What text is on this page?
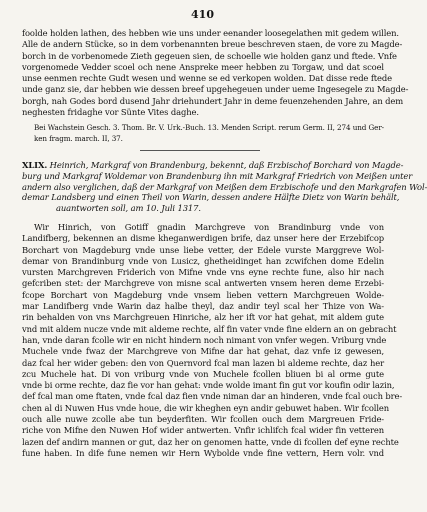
410
foolde holden lathen, des hebben wie uns under eenander loosegelathen mit gedem willen.
Alle de andern Stücke, so in dem vorbenannten breue beschreven staen, de vore zu Magde-
borch in de vorbenomede Zieth gegeuen sien, de schoelle wie holden ganz und ftede. Vnfe
vorgenomede Vedder scoel och nene Anspreke meer hebben zu Torgaw, und dat scoel
unse eenmen rechte Gudt wesen und wenne se ed verkopen wolden. Dat disse rede ftede
unde ganz sie, dar hebben wie dessen breef upgehegeuen under ueme Ingesegele zu Magde-
borgh, nah Godes bord dusend Jahr driehundert Jahr in deme feuenzehenden Jahre, an dem
neghesten fridaghe vor Sünte Vites daghe.
Bei Wachstein Gesch. 3. Thom. Br. V. Urk.-Buch. 13. Menden Script. rerum Germ. II, 274 und Ger-
ken fragm. march. II, 37.
XLIX. Heinrich, Markgraf von Brandenburg, bekennt, daß Erzbischof Borchard von Magde-
burg und Markgraf Woldemar von Brandenburg ihn mit Markgraf Friedrich von Meißen unter
andern also verglichen, daß der Markgraf von Meißen dem Erzbischofe und den Markgrafen Wol-
demar Landsberg und einen Theil von Warin, dessen andere Hälfte Dietz von Warin behält,
auantworten soll, am 10. Juli 1317.
Wir Hinrich, von Gotiff gnadin Marchgreve von Brandinburg vnde von
Landifberg, bekennen an disme kheganwerdigen brife, daz unser here der Erzebifcop
Borchart von Magdeburg vnde unse liebe vetter, der Edele vurste Marggreve Wol-
demar von Brandinburg vnde von Lusicz, ghetheidinget han zcwifchen dome Edelin
vursten Marchgreven Friderich von Mifne vnde vns eyne rechte fune, also hir nach
gefcriben stet: der Marchgreve von misne scal antwerten vnsem heren deme Erzebi-
fcope Borchart von Magdeburg vnde vnsem lieben vettern Marchgreuen Wolde-
mar Landifberg vnde Warin daz halbe theyl, daz andir teyl scal her Thize von Wa-
rin behalden von vns Marchgreuen Hinriche, alz her ift vor hat gehat, mit aldem gute
vnd mit aldem nucze vnde mit aldeme rechte, alf fin vater vnde fine eldern an on gebracht
han, vnde daran fcolle wir en nicht hindern noch nimant von vnfer wegen. Vriburg vnde
Muchele vnde fwaz der Marchgreve von Mifne dar hat gehat, daz vnfe iz gewesen,
daz fcal her wider geben: den von Quernvord fcal man lazen bi aldeme rechte, daz her
zcu Muchele hat. Di von vriburg vnde von Muchele fcollen bliuen bi al orme gute
vnde bi orme rechte, daz fie vor han gehat: vnde wolde imant fin gut vor koufin odir lazin,
def fcal man ome ftaten, vnde fcal daz fien vnde niman dar an hinderen, vnde fcal ouch bre-
chen al di Nuwen Hus vnde houe, die wir kheghen eyn andir gebuwet haben. Wir fcollen
ouch alle nuwe zcolle abe tun beyderfiten. Wir fcollen ouch dem Margreuen Fride-
riche von Mifne den Nuwen Hof wider antwerten. Vnfir ichlifch fcal wider fin vetteren
lazen def andirn mannen or gut, daz her on genomen hatte, vnde di fcollen def eyne rechte
fune haben. In dife fune nemen wir Hern Wybolde vnde fine vettern, Hern volr. vnd
